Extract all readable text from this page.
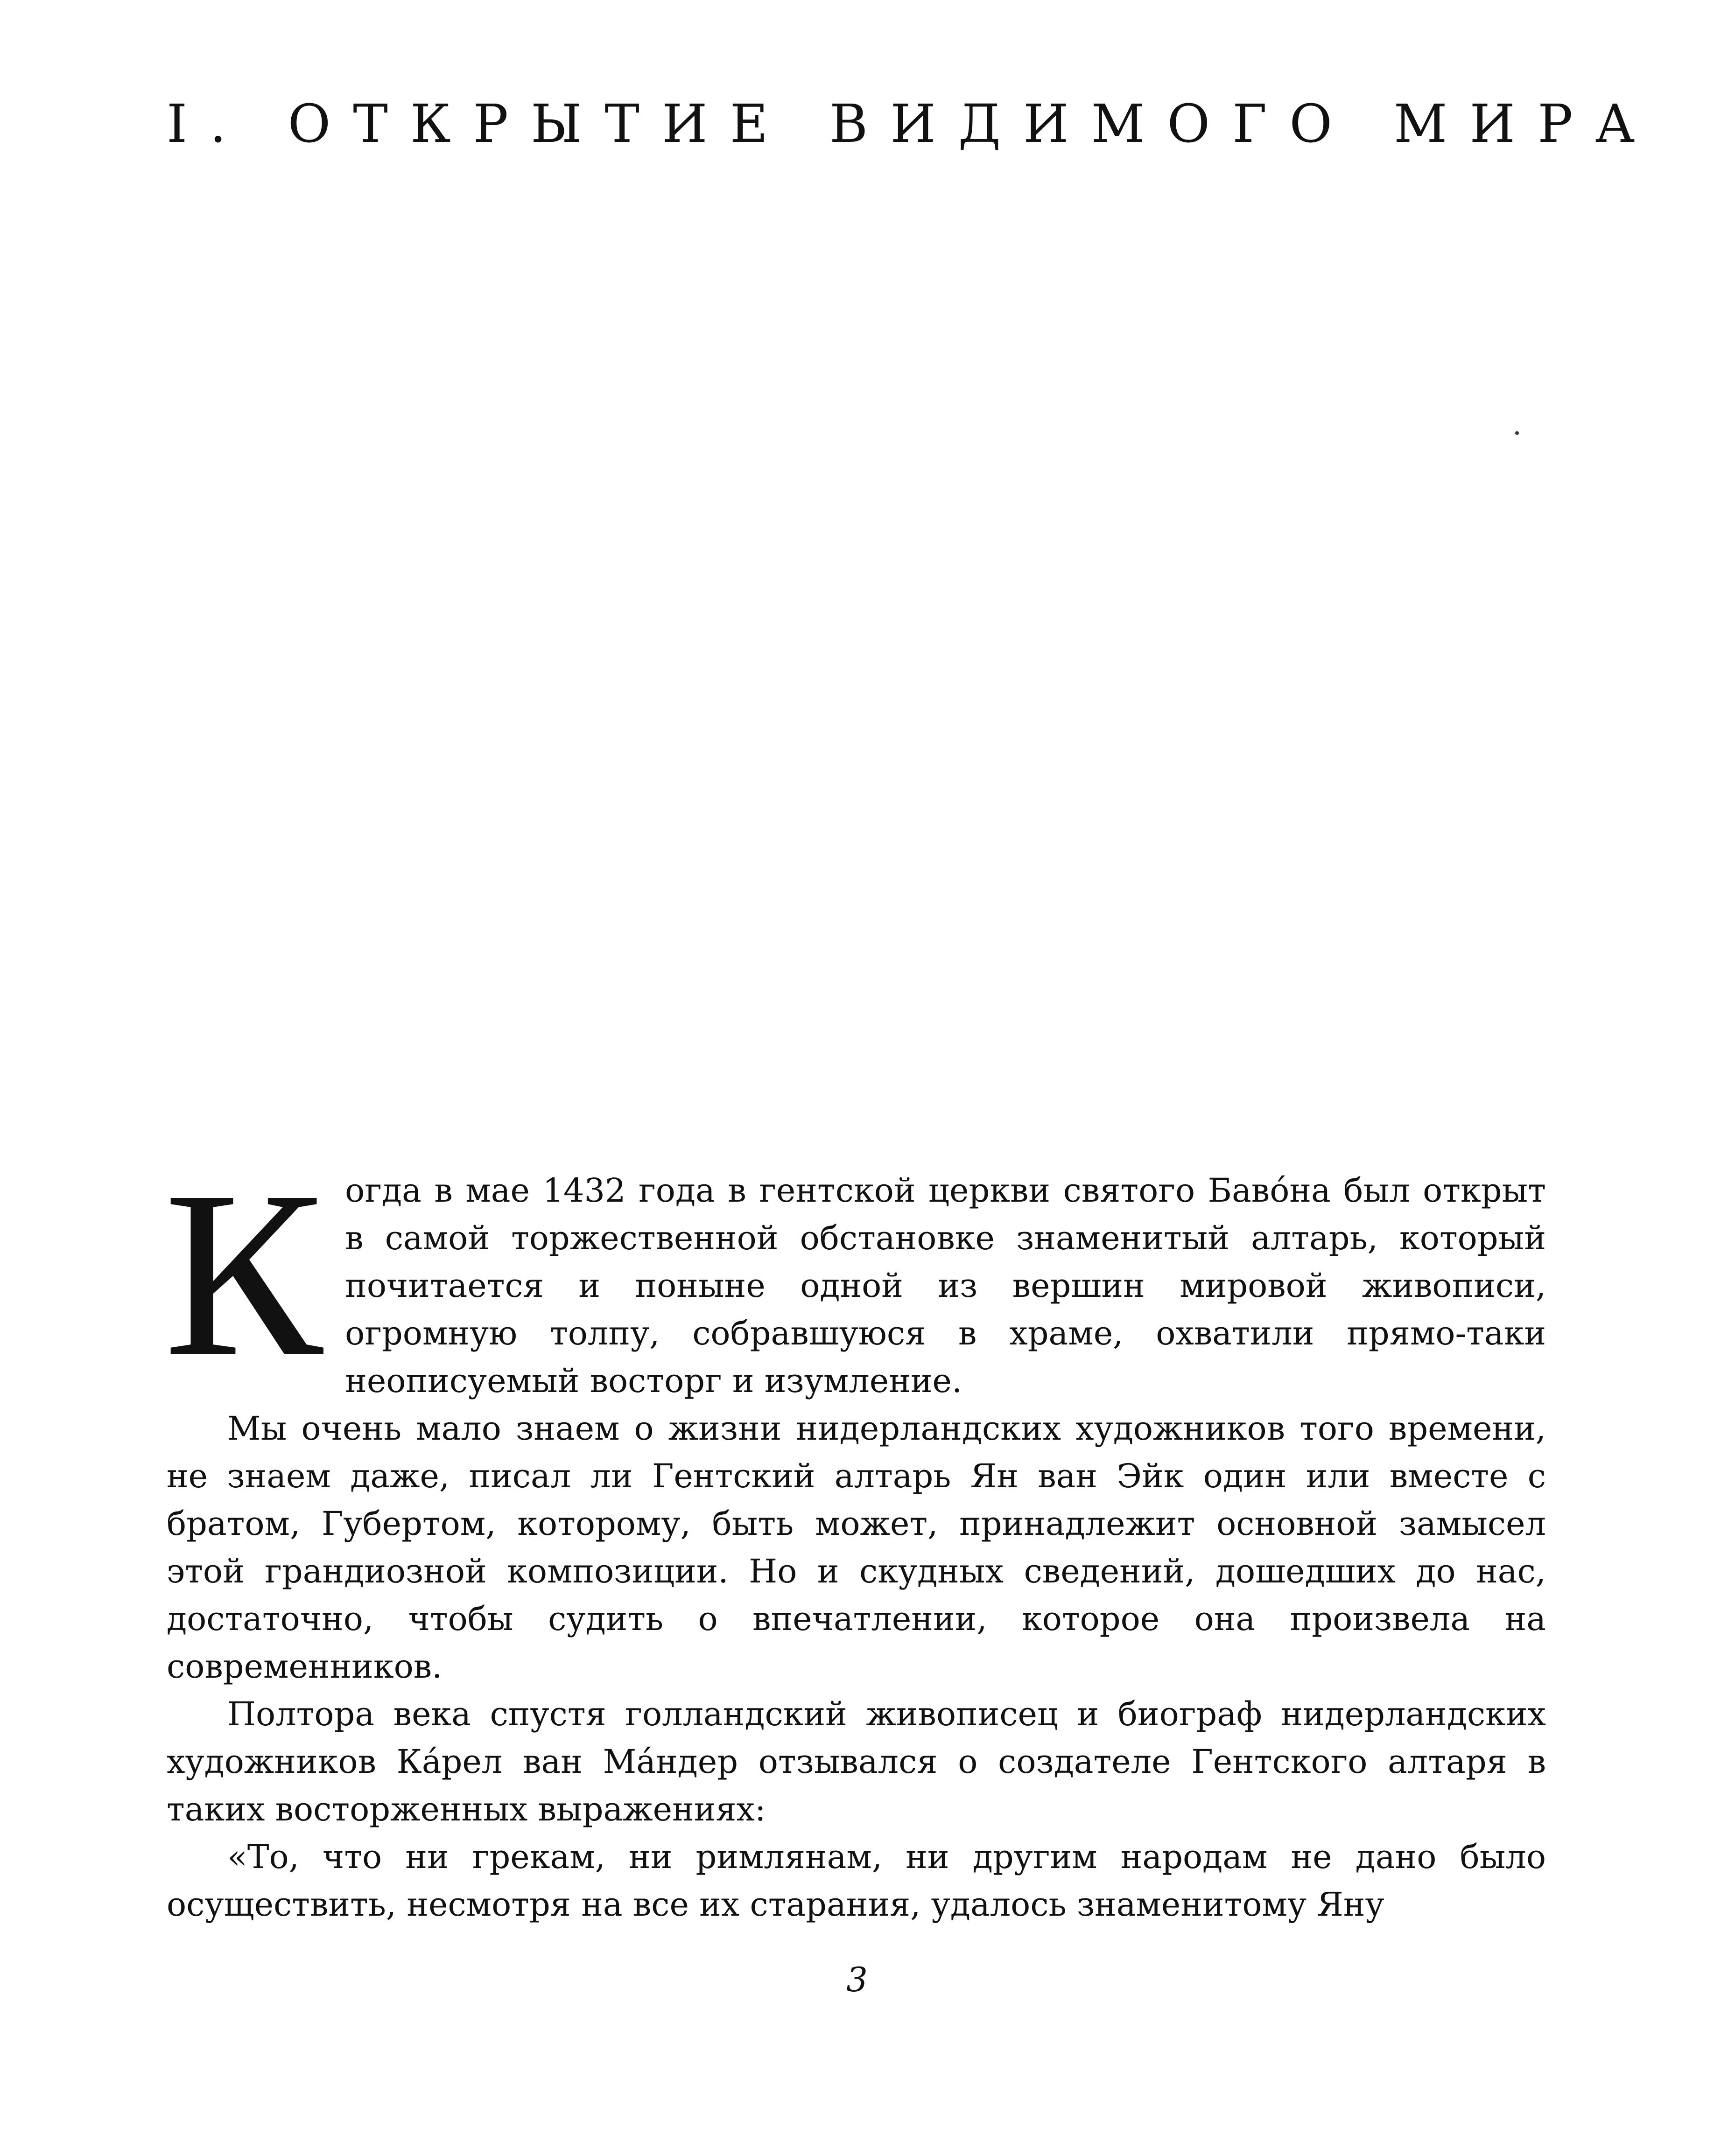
I. ОТКРЫТИЕ ВИДИМОГО МИРА

Когда в мае 1432 года в гентской церкви святого Бавóна был открыт в самой торжественной обстановке знаменитый алтарь, который почитается и поныне одной из вершин мировой живописи, огромную толпу, собравшуюся в храме, охватили прямо-таки неописуемый восторг и изумление.

Мы очень мало знаем о жизни нидерландских художников того времени, не знаем даже, писал ли Гентский алтарь Ян ван Эйк один или вместе с братом, Губертом, которому, быть может, принадлежит основной замысел этой грандиозной композиции. Но и скудных сведений, дошедших до нас, достаточно, чтобы судить о впечатлении, которое она произвела на современников.

Полтора века спустя голландский живописец и биограф нидерландских художников Кáрел ван Мáндер отзывался о создателе Гентского алтаря в таких восторженных выражениях:

«То, что ни грекам, ни римлянам, ни другим народам не дано было осуществить, несмотря на все их старания, удалось знаменитому Яну

3
